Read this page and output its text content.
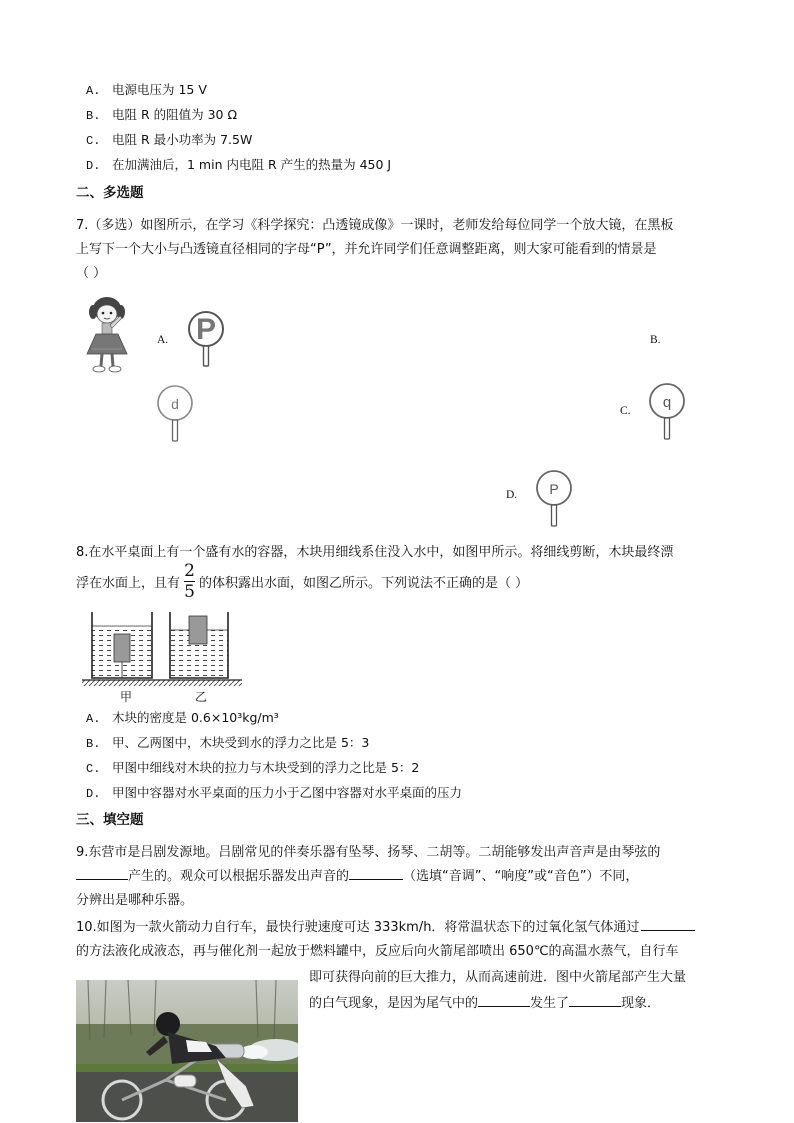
A. 电源电压为 15 V
B. 电阻 R 的阻值为 30 Ω
C. 电阻 R 最小功率为 7.5W
D. 在加满油后，1 min 内电阻 R 产生的热量为 450 J
二、多选题
7.（多选）如图所示，在学习《科学探究：凸透镜成像》一课时，老师发给每位同学一个放大镜，在黑板
上写下一个大小与凸透镜直径相同的字母“P”，并允许同学们任意调整距离，则大家可能看到的情景是
（ ）
A. P	B.
d	C. q
D. P
8.在水平桌面上有一个盛有水的容器，木块用细线系住没入水中，如图甲所示。将细线剪断，木块最终漂
浮在水面上，且有 $\frac{2}{5}$ 的体积露出水面，如图乙所示。下列说法不正确的是（ ）
甲	乙
A. 木块的密度是 0.6×10³kg/m³
B. 甲、乙两图中，木块受到水的浮力之比是 5：3
C. 甲图中细线对木块的拉力与木块受到的浮力之比是 5：2
D. 甲图中容器对水平桌面的压力小于乙图中容器对水平桌面的压力
三、填空题
9.东营市是吕剧发源地。吕剧常见的伴奏乐器有坠琴、扬琴、二胡等。二胡能够发出声音声是由琴弦的
产生的。观众可以根据乐器发出声音的	（选填“音调”、“响度”或“音色”）不同，
分辨出是哪种乐器。
10.如图为一款火箭动力自行车，最快行驶速度可达 333km/h．将常温状态下的过氧化氢气体通过
的方法液化成液态，再与催化剂一起放于燃料罐中，反应后向火箭尾部喷出 650℃的高温水蒸气，自行车
即可获得向前的巨大推力，从而高速前进．图中火箭尾部产生大量
的白气现象，是因为尾气中的	发生了	现象．
